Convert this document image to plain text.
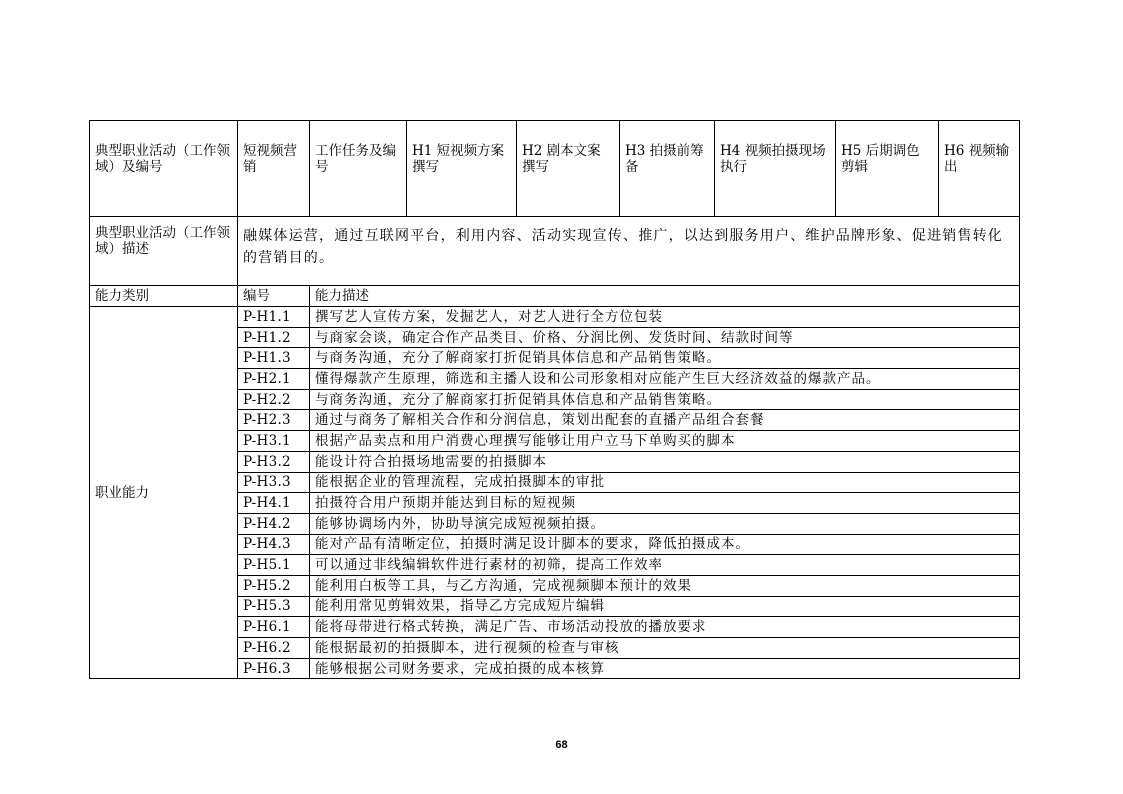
典型职业活动（工作领域）及编号	短视频营销	工作任务及编号	H1 短视频方案撰写	H2 剧本文案撰写	H3 拍摄前筹备	H4 视频拍摄现场执行	H5 后期调色剪辑	H6 视频输出
典型职业活动（工作领域）描述	融媒体运营，通过互联网平台，利用内容、活动实现宣传、推广，以达到服务用户、维护品牌形象、促进销售转化的营销目的。							
能力类别	编号	能力描述						
职业能力	P-H1.1	撰写艺人宣传方案，发掘艺人，对艺人进行全方位包装						
	P-H1.2	与商家会谈，确定合作产品类目、价格、分润比例、发货时间、结款时间等						
	P-H1.3	与商务沟通，充分了解商家打折促销具体信息和产品销售策略。						
	P-H2.1	懂得爆款产生原理，筛选和主播人设和公司形象相对应能产生巨大经济效益的爆款产品。						
	P-H2.2	与商务沟通，充分了解商家打折促销具体信息和产品销售策略。						
	P-H2.3	通过与商务了解相关合作和分润信息，策划出配套的直播产品组合套餐						
	P-H3.1	根据产品卖点和用户消费心理撰写能够让用户立马下单购买的脚本						
	P-H3.2	能设计符合拍摄场地需要的拍摄脚本						
	P-H3.3	能根据企业的管理流程，完成拍摄脚本的审批						
	P-H4.1	拍摄符合用户预期并能达到目标的短视频						
	P-H4.2	能够协调场内外，协助导演完成短视频拍摄。						
	P-H4.3	能对产品有清晰定位，拍摄时满足设计脚本的要求，降低拍摄成本。						
	P-H5.1	可以通过非线编辑软件进行素材的初筛，提高工作效率						
	P-H5.2	能利用白板等工具，与乙方沟通，完成视频脚本预计的效果						
	P-H5.3	能利用常见剪辑效果，指导乙方完成短片编辑						
	P-H6.1	能将母带进行格式转换，满足广告、市场活动投放的播放要求						
	P-H6.2	能根据最初的拍摄脚本，进行视频的检查与审核						
	P-H6.3	能够根据公司财务要求，完成拍摄的成本核算						
68
